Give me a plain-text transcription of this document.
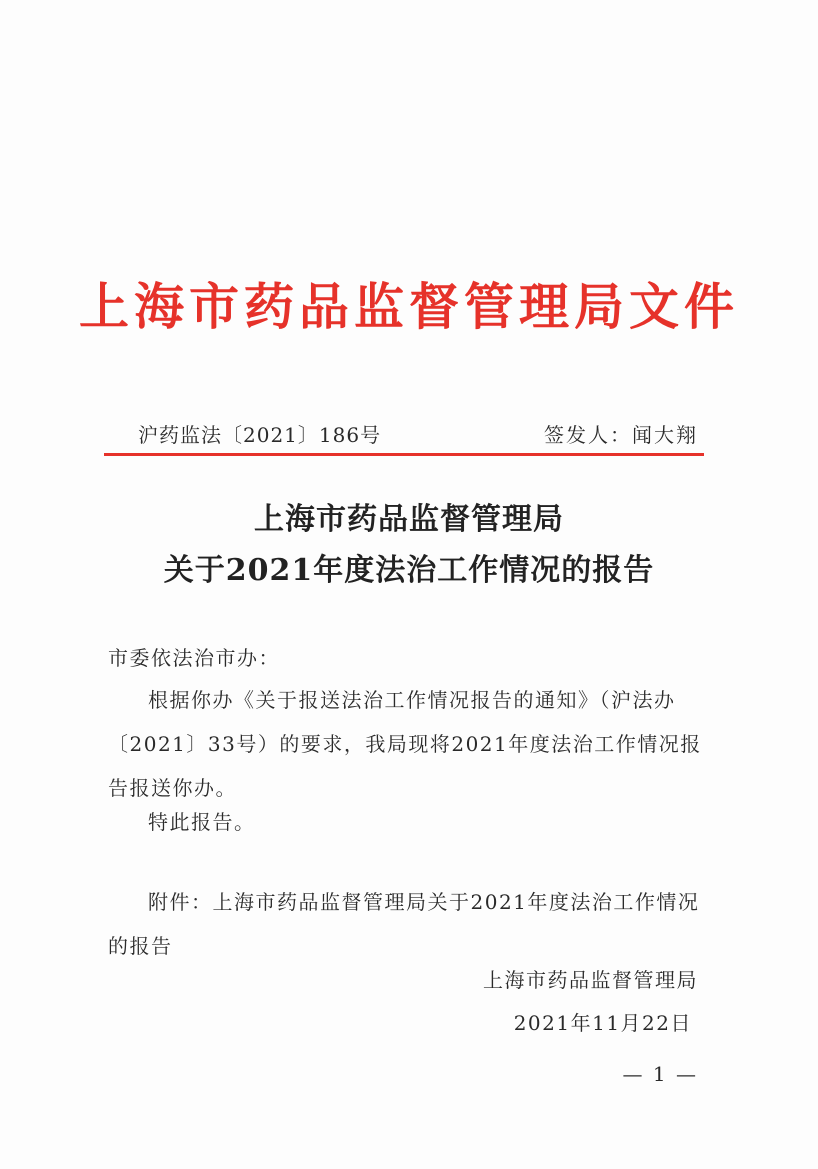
上海市药品监督管理局文件
沪药监法〔2021〕186号	签发人：闻大翔
上海市药品监督管理局
关于2021年度法治工作情况的报告
市委依法治市办：
根据你办《关于报送法治工作情况报告的通知》（沪法办〔2021〕33号）的要求，我局现将2021年度法治工作情况报告报送你办。
特此报告。
附件：上海市药品监督管理局关于2021年度法治工作情况的报告
上海市药品监督管理局
2021年11月22日
— 1 —
